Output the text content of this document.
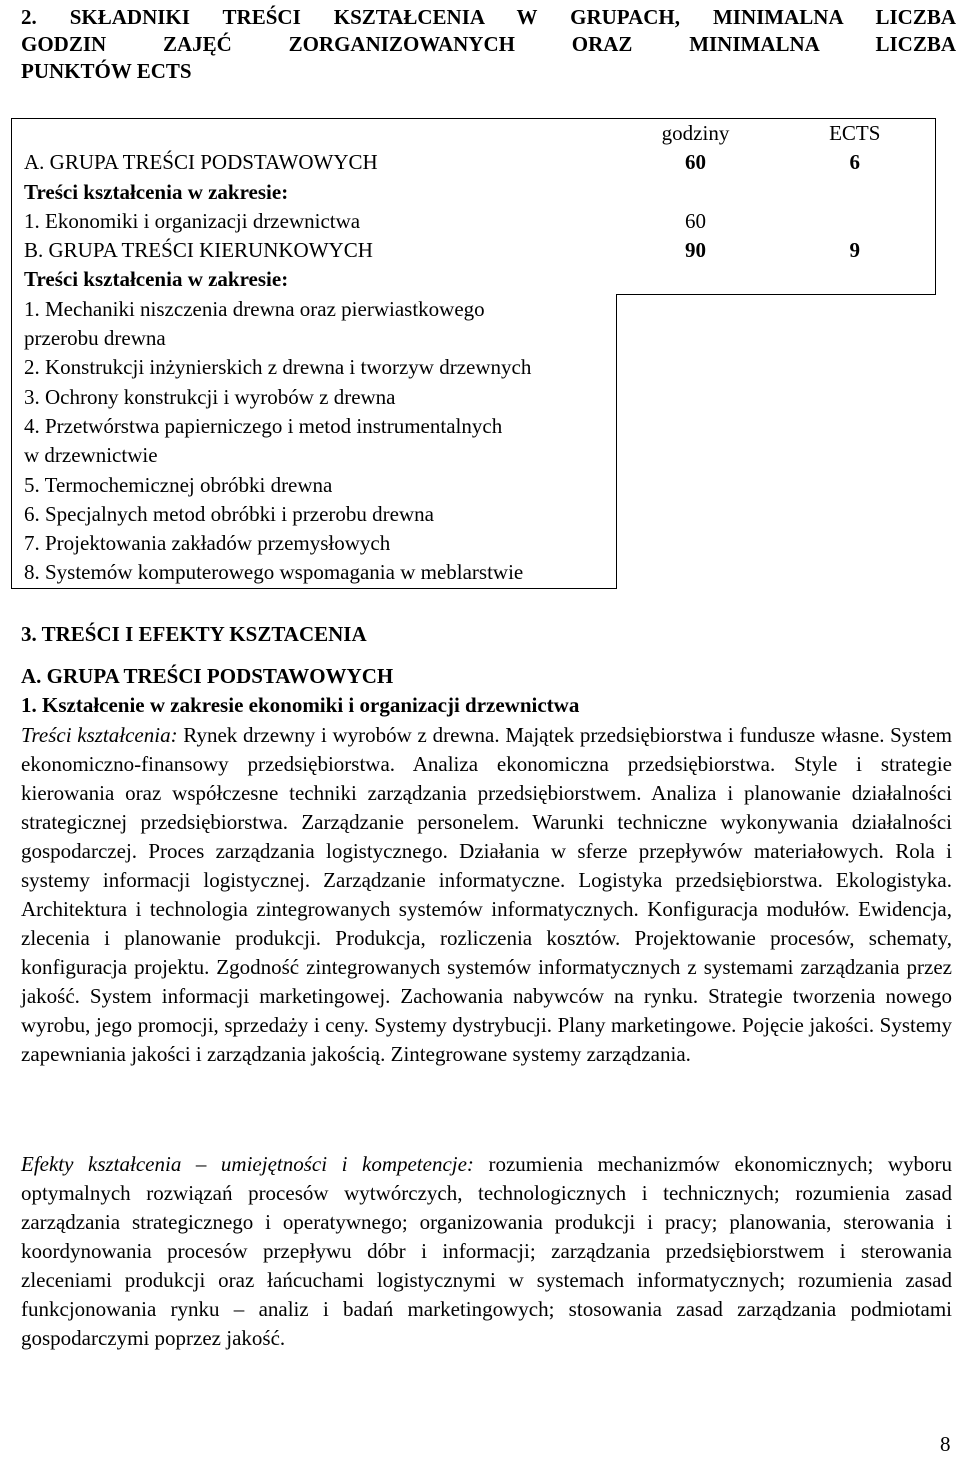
2. SKŁADNIKI TREŚCI KSZTAŁCENIA W GRUPACH, MINIMALNA LICZBA
GODZIN ZAJĘĆ ZORGANIZOWANYCH ORAZ MINIMALNA LICZBA
PUNKTÓW ECTS
	godziny	ECTS
A. GRUPA TREŚCI PODSTAWOWYCH	60	6
Treści kształcenia w zakresie:		
1. Ekonomiki i organizacji drzewnictwa	60	
B. GRUPA TREŚCI KIERUNKOWYCH	90	9
Treści kształcenia w zakresie:		

1. Mechaniki niszczenia drewna oraz pierwiastkowego
przerobu drewna		

2. Konstrukcji inżynierskich z drewna i tworzyw drzewnych		
3. Ochrony konstrukcji i wyrobów z drewna		

4. Przetwórstwa papierniczego i metod instrumentalnych
w drzewnictwie		

5. Termochemicznej obróbki drewna		
6. Specjalnych metod obróbki i przerobu drewna		
7. Projektowania zakładów przemysłowych		
8. Systemów komputerowego wspomagania w meblarstwie		
3. TREŚCI I EFEKTY KSZTACENIA
A. GRUPA TREŚCI PODSTAWOWYCH
1. Kształcenie w zakresie ekonomiki i organizacji drzewnictwa

Treści kształcenia: Rynek drzewny i wyrobów z drewna. Majątek przedsiębiorstwa i fundusze własne. System ekonomiczno-finansowy przedsiębiorstwa. Analiza ekonomiczna przedsiębiorstwa. Style i strategie kierowania oraz współczesne techniki zarządzania przedsiębiorstwem. Analiza i planowanie działalności strategicznej przedsiębiorstwa. Zarządzanie personelem. Warunki techniczne wykonywania działalności gospodarczej. Proces zarządzania logistycznego. Działania w sferze przepływów materiałowych. Rola i systemy informacji logistycznej. Zarządzanie informatyczne. Logistyka przedsiębiorstwa. Ekologistyka. Architektura i technologia zintegrowanych systemów informatycznych. Konfiguracja modułów. Ewidencja, zlecenia i planowanie produkcji. Produkcja, rozliczenia kosztów. Projektowanie procesów, schematy, konfiguracja projektu. Zgodność zintegrowanych systemów informatycznych z systemami zarządzania przez jakość. System informacji marketingowej. Zachowania nabywców na rynku. Strategie tworzenia nowego wyrobu, jego promocji, sprzedaży i ceny. Systemy dystrybucji. Plany marketingowe. Pojęcie jakości. Systemy zapewniania jakości i zarządzania jakością. Zintegrowane systemy zarządzania.

Efekty kształcenia – umiejętności i kompetencje: rozumienia mechanizmów ekonomicznych; wyboru optymalnych rozwiązań procesów wytwórczych, technologicznych i technicznych; rozumienia zasad zarządzania strategicznego i operatywnego; organizowania produkcji i pracy; planowania, sterowania i koordynowania procesów przepływu dóbr i informacji; zarządzania przedsiębiorstwem i sterowania zleceniami produkcji oraz łańcuchami logistycznymi w systemach informatycznych; rozumienia zasad funkcjonowania rynku – analiz i badań marketingowych; stosowania zasad zarządzania podmiotami gospodarczymi poprzez jakość.

8
